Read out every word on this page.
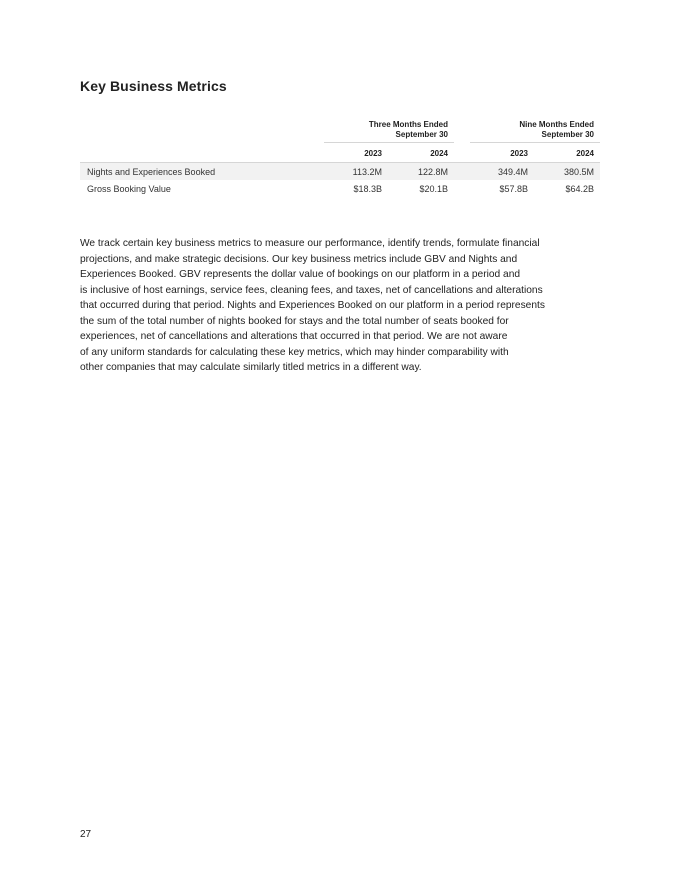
Key Business Metrics
	Three Months Ended
September 30			Nine Months Ended
September 30	
	2023	2024		2023	2024
Nights and Experiences Booked	113.2M	122.8M		349.4M	380.5M
Gross Booking Value	$18.3B	$20.1B		$57.8B	$64.2B
We track certain key business metrics to measure our performance, identify trends, formulate financial
projections, and make strategic decisions. Our key business metrics include GBV and Nights and
Experiences Booked. GBV represents the dollar value of bookings on our platform in a period and
is inclusive of host earnings, service fees, cleaning fees, and taxes, net of cancellations and alterations
that occurred during that period. Nights and Experiences Booked on our platform in a period represents
the sum of the total number of nights booked for stays and the total number of seats booked for
experiences, net of cancellations and alterations that occurred in that period. We are not aware
of any uniform standards for calculating these key metrics, which may hinder comparability with
other companies that may calculate similarly titled metrics in a different way.
27
